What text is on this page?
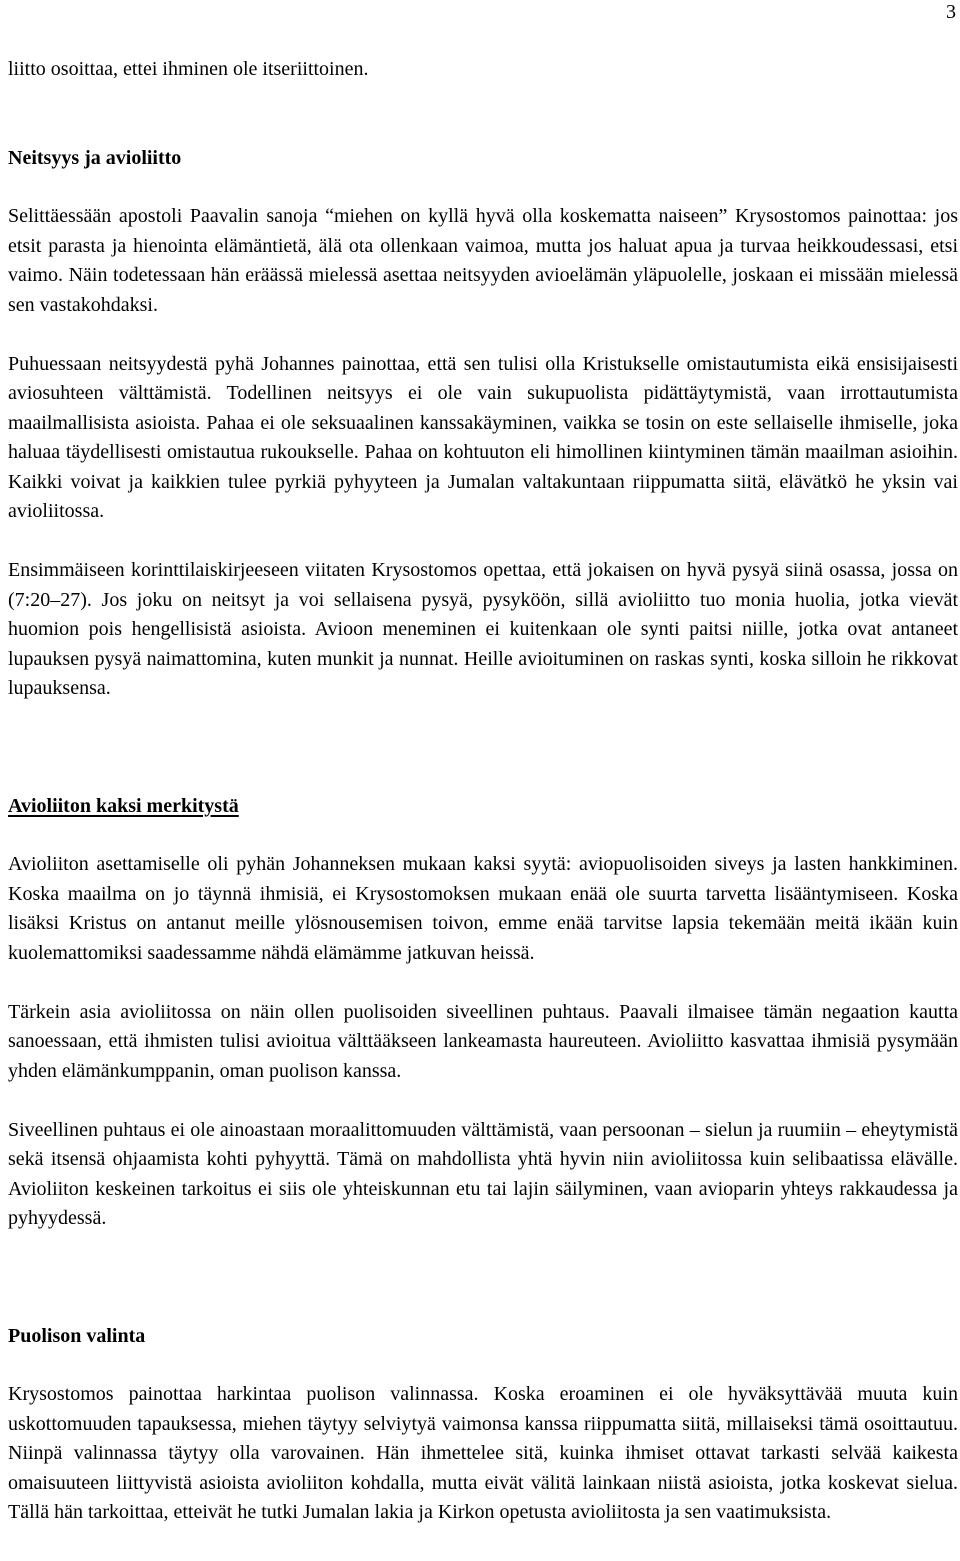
3

liitto osoittaa, ettei ihminen ole itseriittoinen.

Neitsyys ja avioliitto

Selittäessään apostoli Paavalin sanoja “miehen on kyllä hyvä olla koskematta naiseen” Krysostomos painottaa: jos etsit parasta ja hienointa elämäntietä, älä ota ollenkaan vaimoa, mutta jos haluat apua ja turvaa heikkoudessasi, etsi vaimo. Näin todetessaan hän eräässä mielessä asettaa neitsyyden avioelämän yläpuolelle, joskaan ei missään mielessä sen vastakohdaksi.

Puhuessaan neitsyydestä pyhä Johannes painottaa, että sen tulisi olla Kristukselle omistautumista eikä ensisijaisesti aviosuhteen välttämistä. Todellinen neitsyys ei ole vain sukupuolista pidättäytymistä, vaan irrottautumista maailmallisista asioista. Pahaa ei ole seksuaalinen kanssakäyminen, vaikka se tosin on este sellaiselle ihmiselle, joka haluaa täydellisesti omistautua rukoukselle. Pahaa on kohtuuton eli himollinen kiintyminen tämän maailman asioihin. Kaikki voivat ja kaikkien tulee pyrkiä pyhyyteen ja Jumalan valtakuntaan riippumatta siitä, elävätkö he yksin vai avioliitossa.

Ensimmäiseen korinttilaiskirjeeseen viitaten Krysostomos opettaa, että jokaisen on hyvä pysyä siinä osassa, jossa on (7:20–27). Jos joku on neitsyt ja voi sellaisena pysyä, pysyköön, sillä avioliitto tuo monia huolia, jotka vievät huomion pois hengellisistä asioista. Avioon meneminen ei kuitenkaan ole synti paitsi niille, jotka ovat antaneet lupauksen pysyä naimattomina, kuten munkit ja nunnat. Heille avioituminen on raskas synti, koska silloin he rikkovat lupauksensa.

Avioliiton kaksi merkitystä

Avioliiton asettamiselle oli pyhän Johanneksen mukaan kaksi syytä: aviopuolisoiden siveys ja lasten hankkiminen. Koska maailma on jo täynnä ihmisiä, ei Krysostomoksen mukaan enää ole suurta tarvetta lisääntymiseen. Koska lisäksi Kristus on antanut meille ylösnousemisen toivon, emme enää tarvitse lapsia tekemään meitä ikään kuin kuolemattomiksi saadessamme nähdä elämämme jatkuvan heissä.

Tärkein asia avioliitossa on näin ollen puolisoiden siveellinen puhtaus. Paavali ilmaisee tämän negaation kautta sanoessaan, että ihmisten tulisi avioitua välttääkseen lankeamasta haureuteen. Avioliitto kasvattaa ihmisiä pysymään yhden elämänkumppanin, oman puolison kanssa.

Siveellinen puhtaus ei ole ainoastaan moraalittomuuden välttämistä, vaan persoonan – sielun ja ruumiin – eheytymistä sekä itsensä ohjaamista kohti pyhyyttä. Tämä on mahdollista yhtä hyvin niin avioliitossa kuin selibaatissa elävälle. Avioliiton keskeinen tarkoitus ei siis ole yhteiskunnan etu tai lajin säilyminen, vaan avioparin yhteys rakkaudessa ja pyhyydessä.

Puolison valinta

Krysostomos painottaa harkintaa puolison valinnassa. Koska eroaminen ei ole hyväksyttävää muuta kuin uskottomuuden tapauksessa, miehen täytyy selviytyä vaimonsa kanssa riippumatta siitä, millaiseksi tämä osoittautuu. Niinpä valinnassa täytyy olla varovainen. Hän ihmettelee sitä, kuinka ihmiset ottavat tarkasti selvää kaikesta omaisuuteen liittyvistä asioista avioliiton kohdalla, mutta eivät välitä lainkaan niistä asioista, jotka koskevat sielua. Tällä hän tarkoittaa, etteivät he tutki Jumalan lakia ja Kirkon opetusta avioliitosta ja sen vaatimuksista.
